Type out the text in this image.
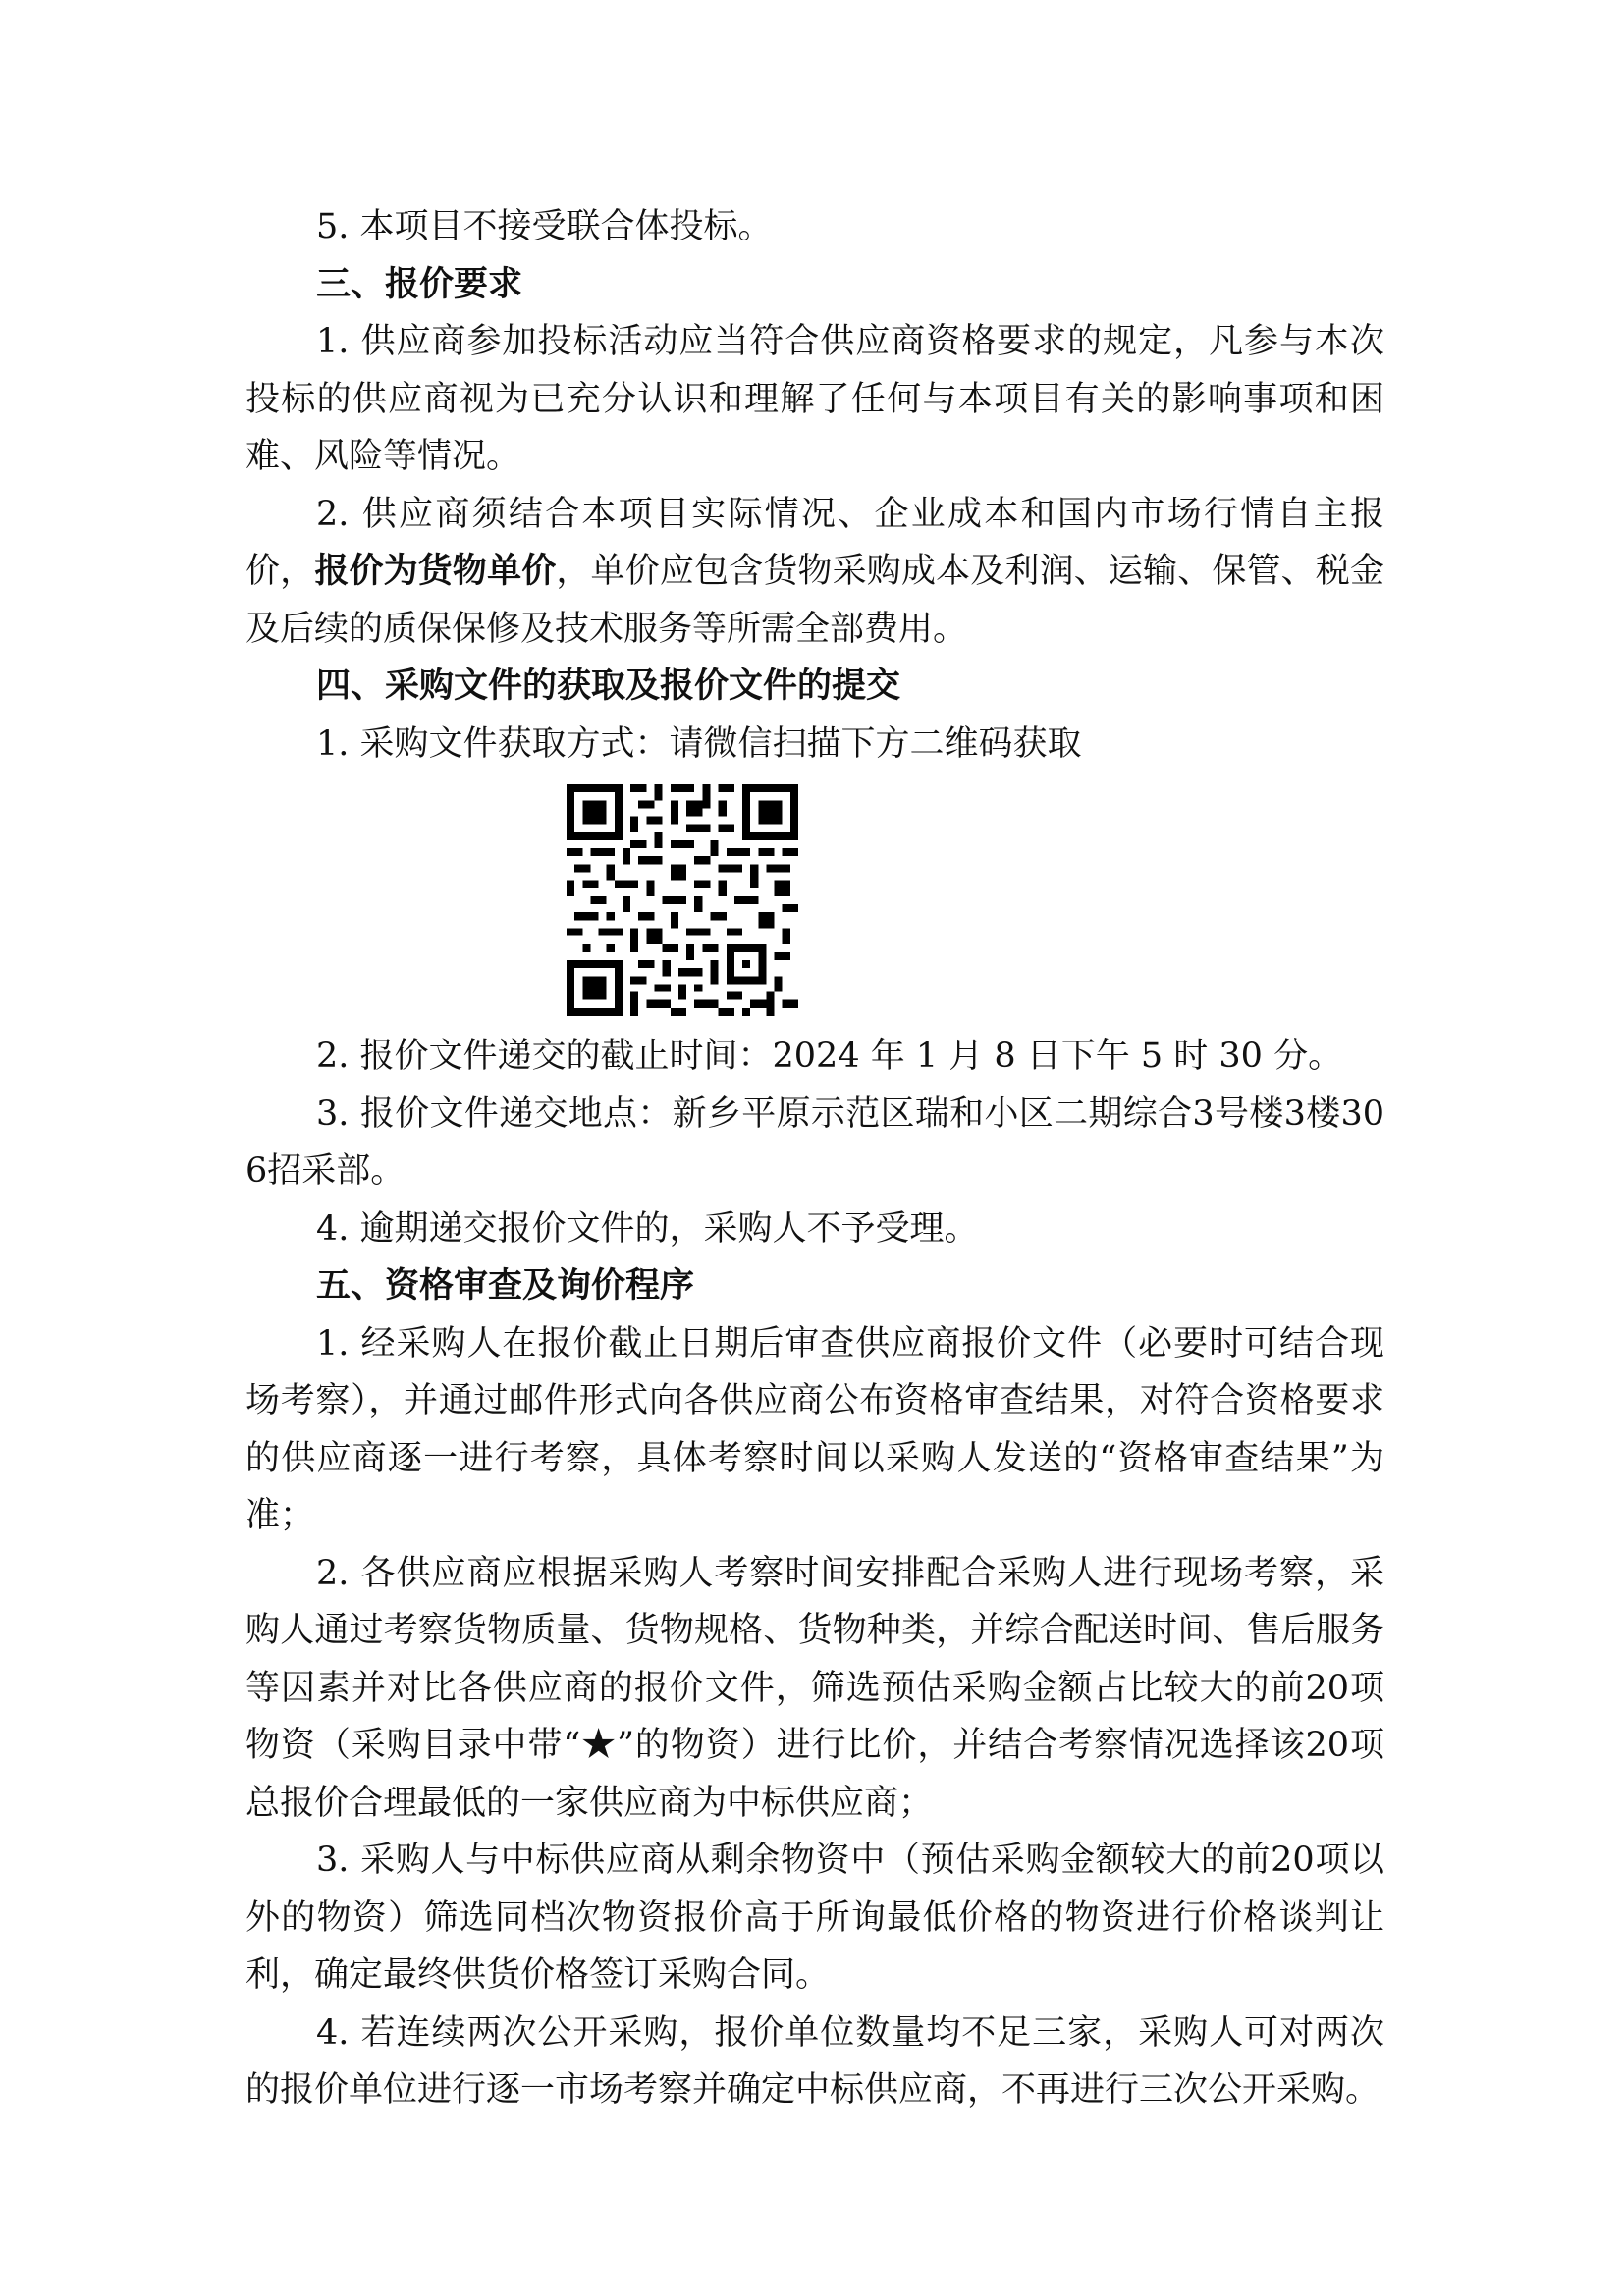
5. 本项目不接受联合体投标。

三、报价要求

1. 供应商参加投标活动应当符合供应商资格要求的规定，凡参与本次投标的供应商视为已充分认识和理解了任何与本项目有关的影响事项和困难、风险等情况。

2. 供应商须结合本项目实际情况、企业成本和国内市场行情自主报价，报价为货物单价，单价应包含货物采购成本及利润、运输、保管、税金及后续的质保保修及技术服务等所需全部费用。

四、采购文件的获取及报价文件的提交

1. 采购文件获取方式：请微信扫描下方二维码获取

2. 报价文件递交的截止时间：2024 年 1 月 8 日下午 5 时 30 分。

3. 报价文件递交地点：新乡平原示范区瑞和小区二期综合3号楼3楼306招采部。

4. 逾期递交报价文件的，采购人不予受理。

五、资格审查及询价程序

1. 经采购人在报价截止日期后审查供应商报价文件（必要时可结合现场考察），并通过邮件形式向各供应商公布资格审查结果，对符合资格要求的供应商逐一进行考察，具体考察时间以采购人发送的“资格审查结果”为准；

2. 各供应商应根据采购人考察时间安排配合采购人进行现场考察，采购人通过考察货物质量、货物规格、货物种类，并综合配送时间、售后服务等因素并对比各供应商的报价文件，筛选预估采购金额占比较大的前20项物资（采购目录中带“★”的物资）进行比价，并结合考察情况选择该20项总报价合理最低的一家供应商为中标供应商；

3. 采购人与中标供应商从剩余物资中（预估采购金额较大的前20项以外的物资）筛选同档次物资报价高于所询最低价格的物资进行价格谈判让利，确定最终供货价格签订采购合同。

4. 若连续两次公开采购，报价单位数量均不足三家，采购人可对两次的报价单位进行逐一市场考察并确定中标供应商，不再进行三次公开采购。
